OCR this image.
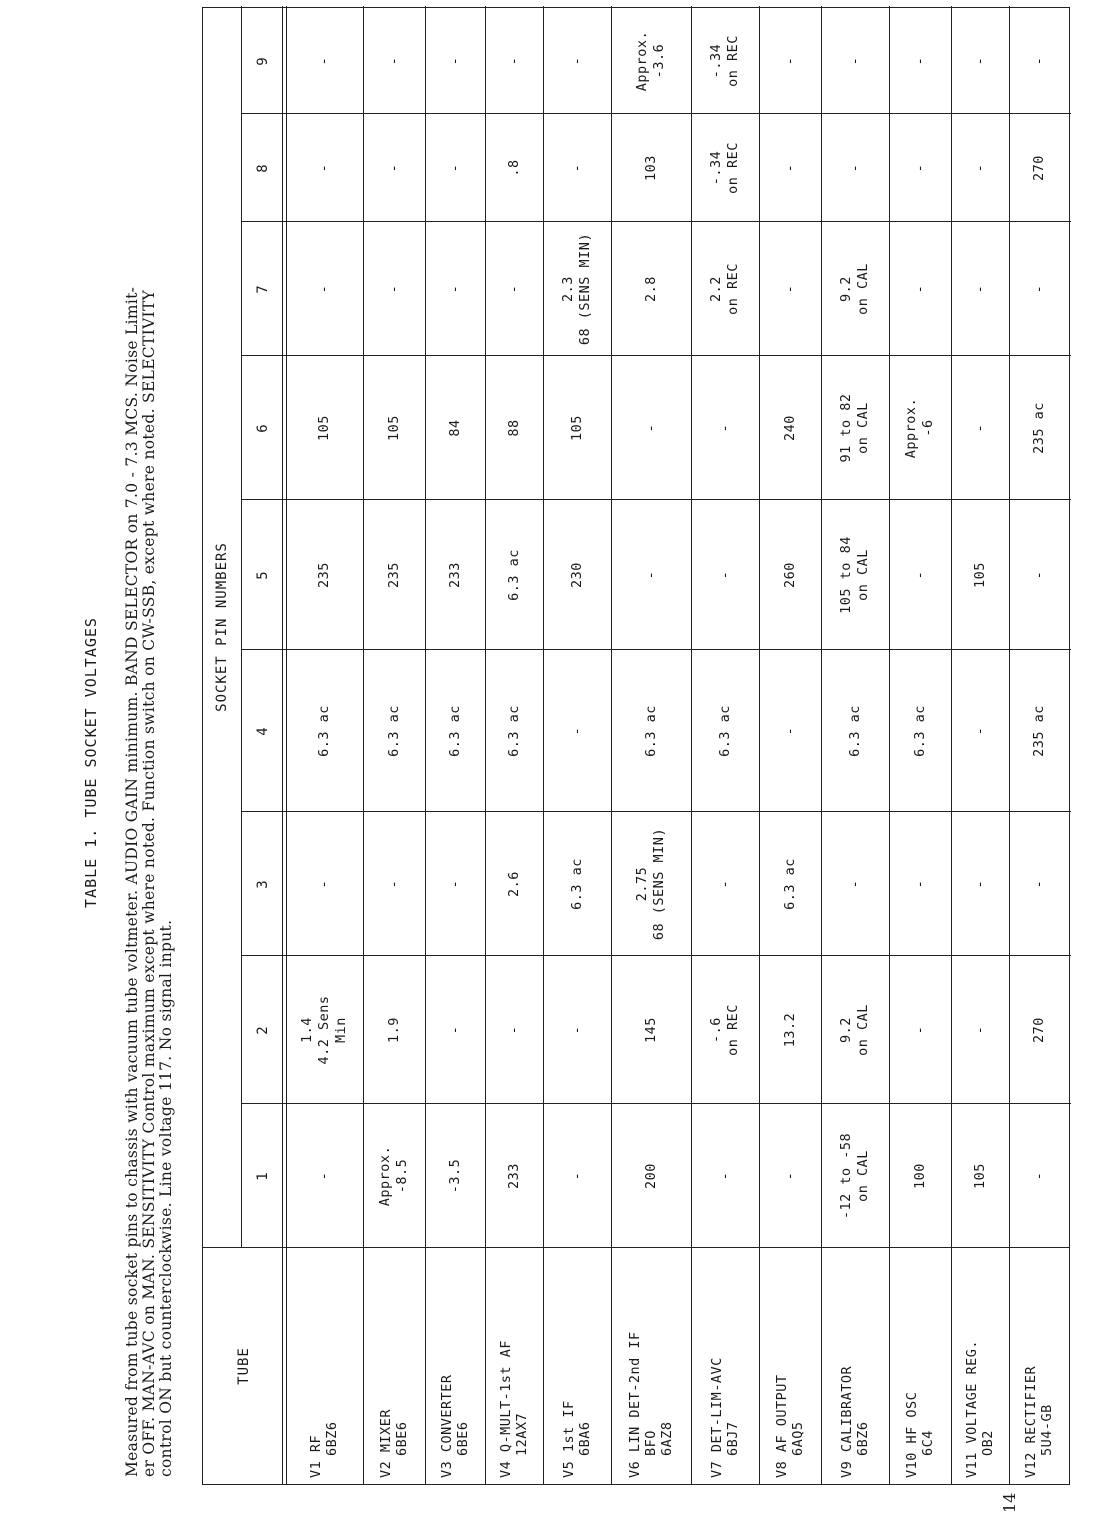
14
TABLE 1. TUBE SOCKET VOLTAGES Measured from tube socket pins to chassis with vacuum tube voltmeter. AUDIO GAIN minimum. BAND SELECTOR on 7.0 - 7.3 MCS. Noise Limit- er OFF. MAN-AVC on MAN. SENSITIVITY Control maximum except where noted. Function switch on CW-SSB, except where noted. SELECTIVITY control ON but counterclockwise. Line voltage 117. No signal input.	TUBE
SOCKET PIN NUMBERS
1
2
3
4
5
6
7
8
9
V1 RF 6BZ6
-
1.4 4.2 Sens Min
-
6.3 ac
235
105
-
-
-
V2 MIXER 6BE6
Approx. -8.5
1.9
-
6.3 ac
235
105
-
-
-
V3 CONVERTER 6BE6
-3.5
-
-
6.3 ac
233
84
-
-
-
V4 Q-MULT-1st AF 12AX7
233
-
2.6
6.3 ac
6.3 ac
88
-
.8
-
V5 1st IF 6BA6
-
-
6.3 ac
-
230
105
2.3 68 (SENS MIN)
-
-
V6 LIN DET-2nd IF BFO 6AZ8
200
145
2.75 68 (SENS MIN)
6.3 ac
-
-
2.8
103
Approx. -3.6
V7 DET-LIM-AVC 6BJ7
-
-.6 on REC
-
6.3 ac
-
-
2.2 on REC
-.34 on REC
-.34 on REC
V8 AF OUTPUT 6AQ5
-
13.2
6.3 ac
-
260
240
-
-
-
V9 CALIBRATOR 6BZ6
-12 to -58 on CAL
9.2 on CAL
-
6.3 ac
105 to 84 on CAL
91 to 82 on CAL
9.2 on CAL
-
-
V10 HF OSC 6C4
100
-
-
6.3 ac
-
Approx. -6
-
-
-
V11 VOLTAGE REG. OB2
105
-
-
-
105
-
-
-
-
V12 RECTIFIER 5U4-GB
-
270
-
235 ac
-
235 ac
-
270
-
